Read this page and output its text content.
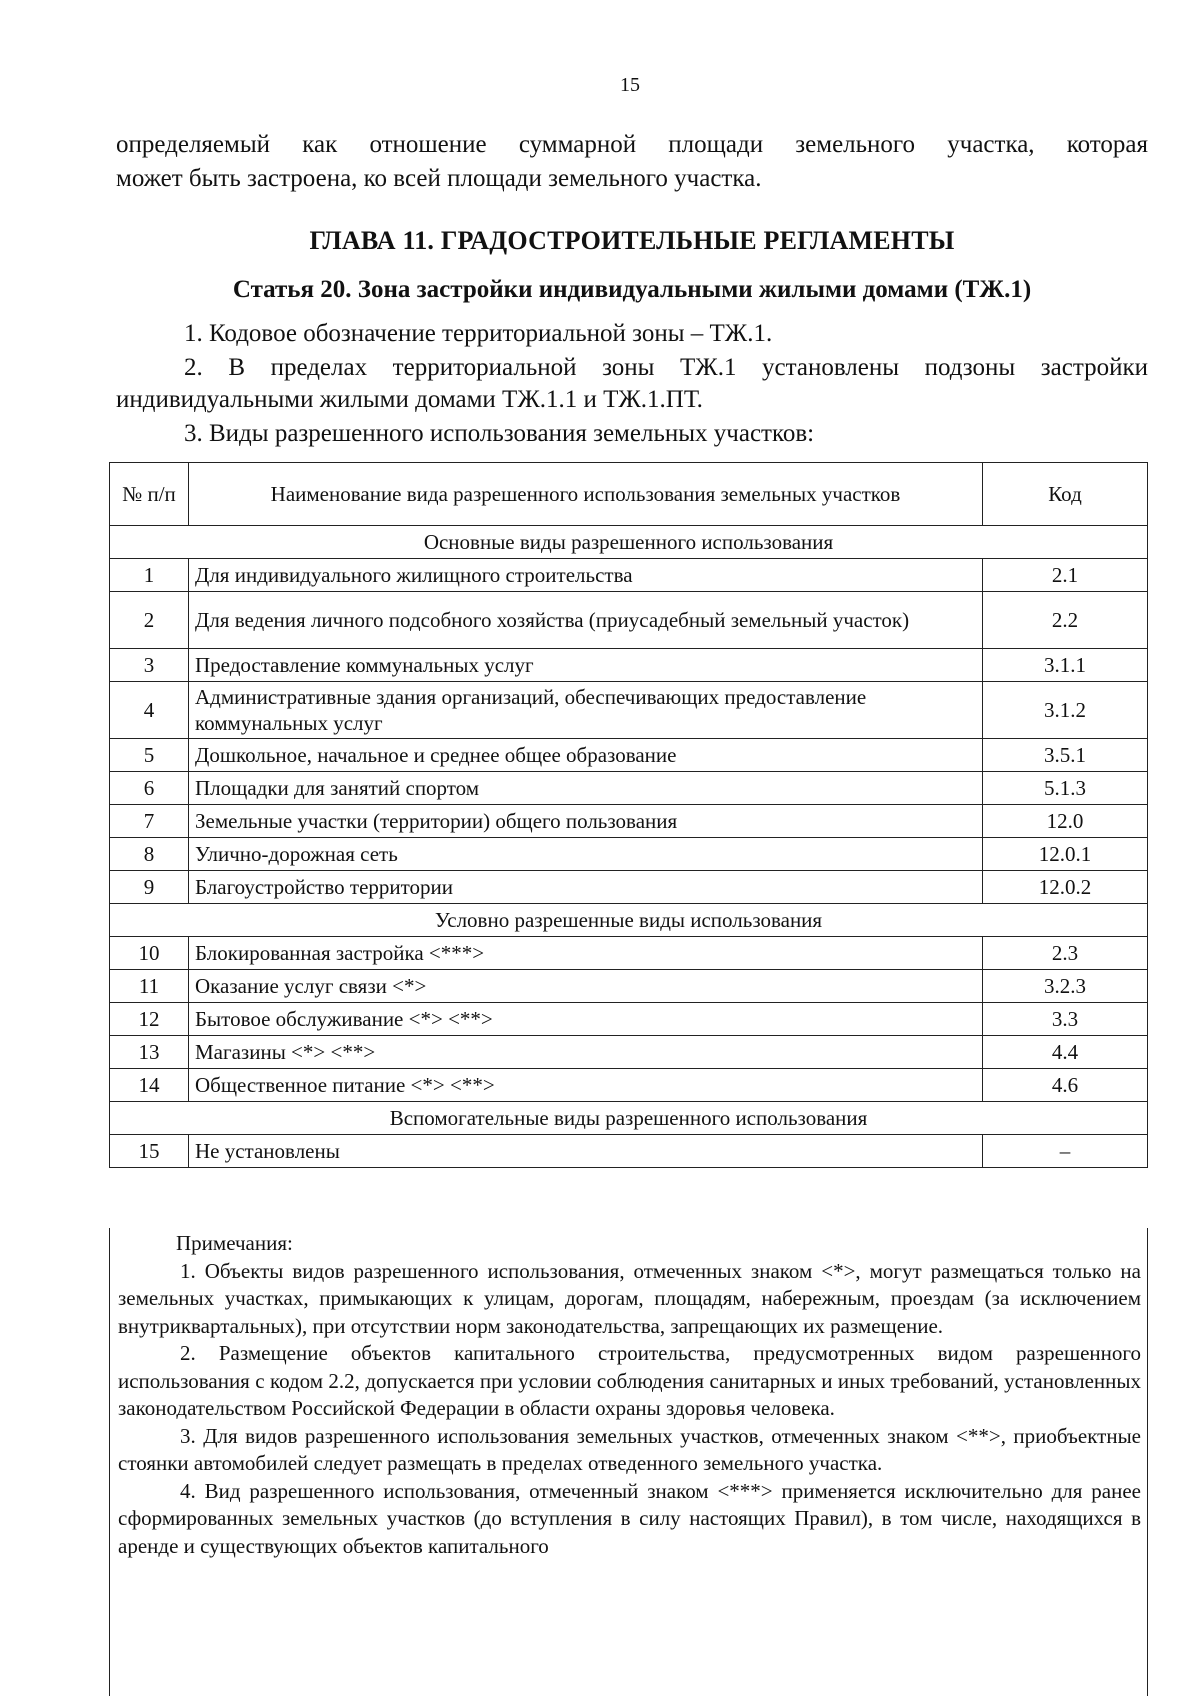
15
определяемый как отношение суммарной площади земельного участка, которая
может быть застроена, ко всей площади земельного участка.
ГЛАВА 11. ГРАДОСТРОИТЕЛЬНЫЕ РЕГЛАМЕНТЫ
Статья 20. Зона застройки индивидуальными жилыми домами (ТЖ.1)
1. Кодовое обозначение территориальной зоны – ТЖ.1.
2. В пределах территориальной зоны ТЖ.1 установлены подзоны застройки индивидуальными жилыми домами ТЖ.1.1 и ТЖ.1.ПТ.
3. Виды разрешенного использования земельных участков:
№ п/п	Наименование вида разрешенного использования земельных участков	Код
Основные виды разрешенного использования		
1	Для индивидуального жилищного строительства	2.1
2	Для ведения личного подсобного хозяйства (приусадебный земельный участок)	2.2
3	Предоставление коммунальных услуг	3.1.1
4	Административные здания организаций, обеспечивающих предоставление коммунальных услуг	3.1.2
5	Дошкольное, начальное и среднее общее образование	3.5.1
6	Площадки для занятий спортом	5.1.3
7	Земельные участки (территории) общего пользования	12.0
8	Улично-дорожная сеть	12.0.1
9	Благоустройство территории	12.0.2
Условно разрешенные виды использования		
10	Блокированная застройка <***>	2.3
11	Оказание услуг связи <*>	3.2.3
12	Бытовое обслуживание <*> <**>	3.3
13	Магазины <*> <**>	4.4
14	Общественное питание <*> <**>	4.6
Вспомогательные виды разрешенного использования		
15	Не установлены	–
Примечания:
1. Объекты видов разрешенного использования, отмеченных знаком <*>, могут размещаться только на земельных участках, примыкающих к улицам, дорогам, площадям, набережным, проездам (за исключением внутриквартальных), при отсутствии норм законодательства, запрещающих их размещение.
2. Размещение объектов капитального строительства, предусмотренных видом разрешенного использования с кодом 2.2, допускается при условии соблюдения санитарных и иных требований, установленных законодательством Российской Федерации в области охраны здоровья человека.
3. Для видов разрешенного использования земельных участков, отмеченных знаком <**>, приобъектные стоянки автомобилей следует размещать в пределах отведенного земельного участка.
4. Вид разрешенного использования, отмеченный знаком <***> применяется исключительно для ранее сформированных земельных участков (до вступления в силу настоящих Правил), в том числе, находящихся в аренде и существующих объектов капитального
